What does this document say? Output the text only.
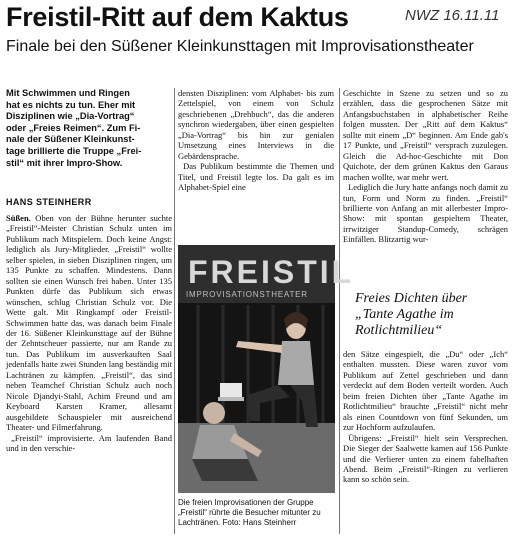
Freistil-Ritt auf dem Kaktus	NWZ 16.11.11
Finale bei den Süßener Kleinkunsttagen mit Improvisationstheater

Mit Schwimmen und Ringen

hat es nichts zu tun. Eher mit

Disziplinen wie „Dia-Vortrag“

oder „Freies Reimen“. Zum Fi-

nale der Süßener Kleinkunst-

tage brillierte die Truppe „Frei-

stil“ mit ihrer Impro-Show.

HANS STEINHERR

Süßen. Oben von der Bühne herunter suchte „Freistil“-Meister Christian Schulz unten im Publikum nach Mitspielern. Doch keine Angst: lediglich als Jury-Mitglieder. „Freistil“ wollte selber spielen, in sieben Disziplinen ringen, um 135 Punkte zu schaffen. Mindestens. Dann sollten sie einen Wunsch frei haben. Unter 135 Punkten dürfe das Publikum sich etwas wünschen, schlug Christian Schulz vor. Die Wette galt. Mit Ringkampf oder Freistil-Schwimmen hatte das, was danach beim Finale der 16. Süßener Kleinkunsttage auf der Bühne der Zehntscheuer passierte, nur am Rande zu tun. Das Publikum im ausverkauften Saal jedenfalls hatte zwei Stunden lang beständig mit Lachtränen zu kämpfen. „Freistil“, das sind neben Teamchef Christian Schulz auch noch Nicole Djandyi-Stahl, Achim Freund und am Keyboard Karsten Kramer, allesamt ausgebildete Schauspieler mit ausreichend Theater- und Filmerfahrung.

„Freistil“ improvisierte. Am laufenden Band und in den verschie-

densten Disziplinen: vom Alphabet- bis zum Zettelspiel, von einem von Schulz geschriebenen „Drehbuch“, das die anderen synchron wiedergaben, über einen gespielten „Dia-Vortrag“ bis hin zur genialen Umsetzung eines Interviews in die Gebärdensprache.

Das Publikum bestimmte die Themen und Titel, und Freistil legte los. Da galt es im Alphabet-Spiel eine

FREISTIL
IMPROVISATIONSTHEATER
Die freien Improvisationen der Gruppe „Freistil“ rührte die Besucher mitunter zu Lachtränen. Foto: Hans Steinherr

Geschichte in Szene zu setzen und so zu erzählen, dass die gesprochenen Sätze mit Anfangsbuchstaben in alphabetischer Reihe folgen mussten. Der „Ritt auf dem Kaktus“ sollte mit einem „D“ beginnen. Am Ende gab's 17 Punkte, und „Freistil“ versprach zuzulegen. Gleich die Ad-hoc-Geschichte mit Don Quichote, der dem grünen Kaktus den Garaus machen wollte, war mehr wert.

Lediglich die Jury hatte anfangs noch damit zu tun, Form und Norm zu finden. „Freistil“ brillierte von Anfang an mit allerbester Impro-Show: mit spontan gespieltem Theater, irrwitziger Standup-Comedy, schrägen Einfällen. Blitzartig wur-

Freies Dichten über „Tante Agathe im Rotlichtmilieu“

den Sätze eingespielt, die „Du“ oder „Ich“ enthalten mussten. Diese waren zuvor vom Publikum auf Zettel geschrieben und dann verdeckt auf dem Boden verteilt worden. Auch beim freien Dichten über „Tante Agathe im Rotlichtmilieu“ brauchte „Freistil“ nicht mehr als einen Countdown von fünf Sekunden, um zur Hochform aufzulaufen.

Übrigens: „Freistil“ hielt sein Versprechen. Die Sieger der Saalwette kamen auf 156 Punkte und die Verlierer unten zu einem fabelhaften Abend. Beim „Freistil“-Ringen zu verlieren kann so schön sein.
